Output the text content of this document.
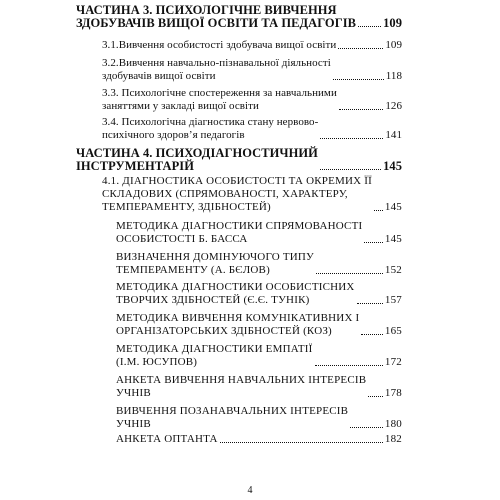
ЧАСТИНА 3. ПСИХОЛОГІЧНЕ ВИВЧЕННЯ
ЗДОБУВАЧІВ ВИЩОЇ ОСВІТИ ТА ПЕДАГОГІВ 109
3.1.Вивчення особистості здобувача вищої освіти	109
3.2.Вивчення навчально-пізнавальної діяльності
здобувачів вищої освіти	118
3.3. Психологічне спостереження за навчальними
заняттями у закладі вищої освіти	126
3.4. Психологічна діагностика стану нервово-
психічного здоров’я педагогів	141
ЧАСТИНА 4. ПСИХОДІАГНОСТИЧНИЙ
ІНСТРУМЕНТАРІЙ	145
4.1. ДІАГНОСТИКА ОСОБИСТОСТІ ТА ОКРЕМИХ ЇЇ
СКЛАДОВИХ (СПРЯМОВАНОСТІ, ХАРАКТЕРУ,
ТЕМПЕРАМЕНТУ, ЗДІБНОСТЕЙ)	145
МЕТОДИКА ДІАГНОСТИКИ СПРЯМОВАНОСТІ
ОСОБИСТОСТІ Б. БАССА	145
ВИЗНАЧЕННЯ ДОМІНУЮЧОГО ТИПУ
ТЕМПЕРАМЕНТУ (А. БЄЛОВ)	152
МЕТОДИКА ДІАГНОСТИКИ ОСОБИСТІСНИХ
ТВОРЧИХ ЗДІБНОСТЕЙ (Є.Є. ТУНІК)	157
МЕТОДИКА ВИВЧЕННЯ КОМУНІКАТИВНИХ І
ОРГАНІЗАТОРСЬКИХ ЗДІБНОСТЕЙ (КОЗ)	165
МЕТОДИКА ДІАГНОСТИКИ ЕМПАТІЇ
(І.М. ЮСУПОВ)	172
АНКЕТА ВИВЧЕННЯ НАВЧАЛЬНИХ ІНТЕРЕСІВ
УЧНІВ	178
ВИВЧЕННЯ ПОЗАНАВЧАЛЬНИХ ІНТЕРЕСІВ
УЧНІВ	180
АНКЕТА ОПТАНТА	182
4
